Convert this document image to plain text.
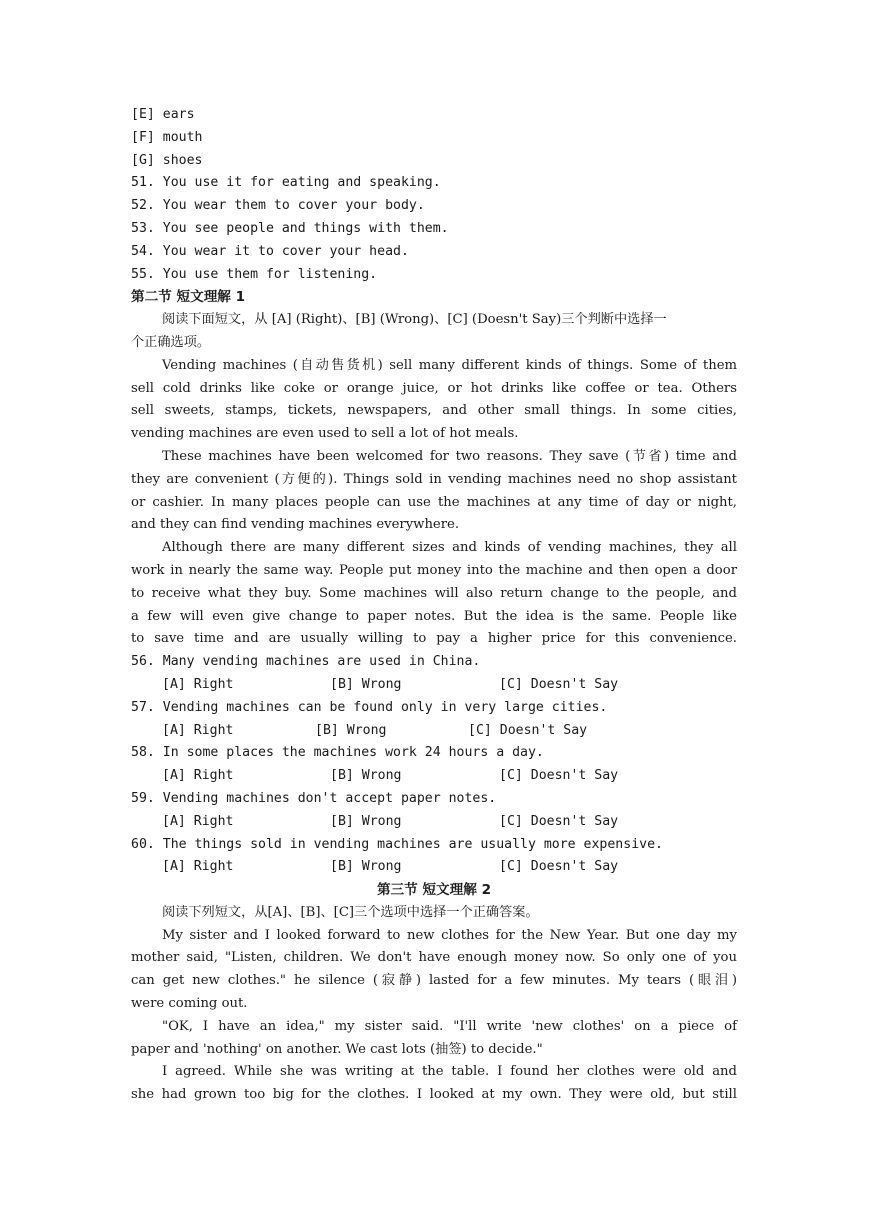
[E] ears
[F] mouth
[G] shoes
51. You use it for eating and speaking.
52. You wear them to cover your body.
53. You see people and things with them.
54. You wear it to cover your head.
55. You use them for listening.
第二节 短文理解 1
阅读下面短文，从 [A] (Right)、[B] (Wrong)、[C] (Doesn't Say)三个判断中选择一
个正确选项。
Vending machines (自动售货机) sell many different kinds of things. Some of them
sell cold drinks like coke or orange juice, or hot drinks like coffee or tea. Others
sell sweets, stamps, tickets, newspapers, and other small things. In some cities,
vending machines are even used to sell a lot of hot meals.
These machines have been welcomed for two reasons. They save (节省) time and
they are convenient (方便的). Things sold in vending machines need no shop assistant
or cashier. In many places people can use the machines at any time of day or night,
and they can find vending machines everywhere.
Although there are many different sizes and kinds of vending machines, they all
work in nearly the same way. People put money into the machine and then open a door
to receive what they buy. Some machines will also return change to the people, and
a few will even give change to paper notes. But the idea is the same. People like
to save time and are usually willing to pay a higher price for this convenience.
56. Many vending machines are used in China.
[A] Right	[B] Wrong	[C] Doesn't Say
57. Vending machines can be found only in very large cities.
[A] Right	[B] Wrong	[C] Doesn't Say
58. In some places the machines work 24 hours a day.
[A] Right	[B] Wrong	[C] Doesn't Say
59. Vending machines don't accept paper notes.
[A] Right	[B] Wrong	[C] Doesn't Say
60. The things sold in vending machines are usually more expensive.
[A] Right	[B] Wrong	[C] Doesn't Say
第三节 短文理解 2
阅读下列短文，从[A]、[B]、[C]三个选项中选择一个正确答案。
My sister and I looked forward to new clothes for the New Year. But one day my
mother said, "Listen, children. We don't have enough money now. So only one of you
can get new clothes." he silence (寂静) lasted for a few minutes. My tears (眼泪)
were coming out.
"OK, I have an idea," my sister said. "I'll write 'new clothes' on a piece of
paper and 'nothing' on another. We cast lots (抽签) to decide."
I agreed. While she was writing at the table. I found her clothes were old and
she had grown too big for the clothes. I looked at my own. They were old, but still
